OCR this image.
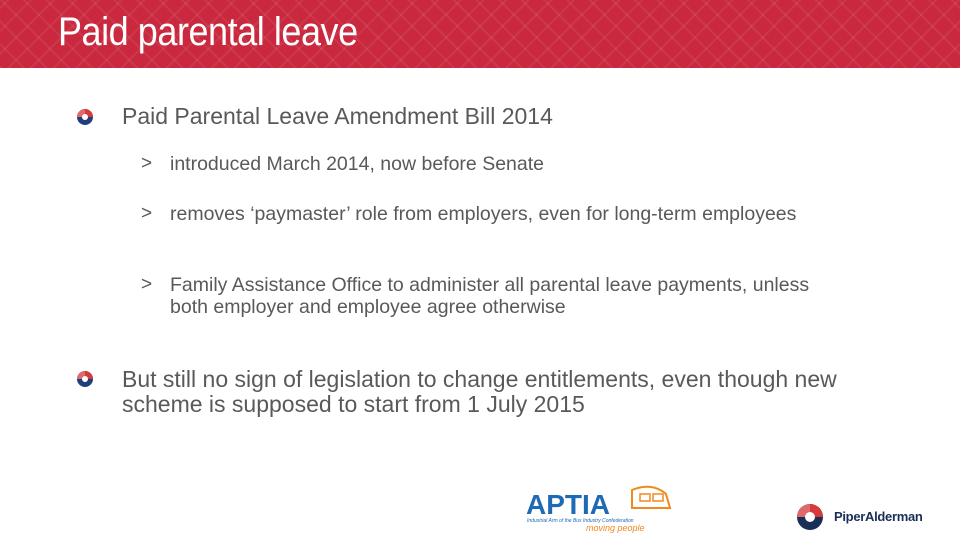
Paid parental leave
Paid Parental Leave Amendment Bill 2014
> introduced March 2014, now before Senate
> removes ‘paymaster’ role from employers, even for long-term employees
> Family Assistance Office to administer all parental leave payments, unless both employer and employee agree otherwise
But still no sign of legislation to change entitlements, even though new scheme is supposed to start from 1 July 2015
APTIA
Industrial Arm of the Bus Industry Confederation
moving people
PiperAlderman
